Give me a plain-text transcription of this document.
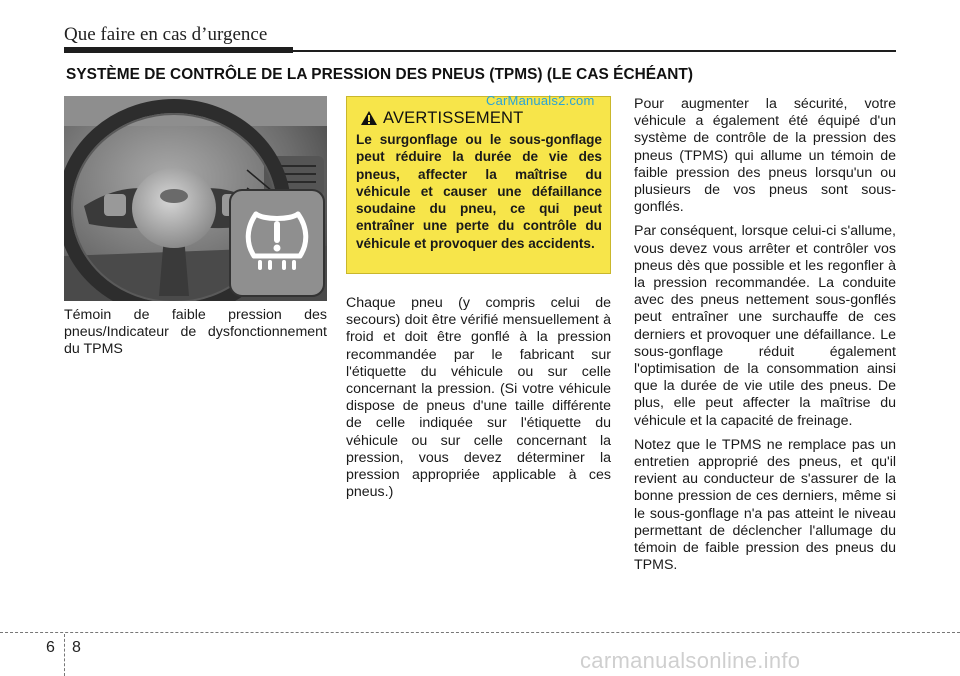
Que faire en cas d’urgence
SYSTÈME DE CONTRÔLE DE LA PRESSION DES PNEUS (TPMS) (LE CAS ÉCHÉANT)
Témoin de faible pression des pneus/Indicateur de dysfonctionnement du TPMS
AVERTISSEMENT
Le surgonflage ou le sous-gonflage peut réduire la durée de vie des pneus, affecter la maîtrise du véhicule et causer une défaillance soudaine du pneu, ce qui peut entraîner une perte du contrôle du véhicule et provoquer des accidents.
CarManuals2.com

Chaque pneu (y compris celui de secours) doit être vérifié mensuellement à froid et doit être gonflé à la pression recommandée par le fabricant sur l'étiquette du véhicule ou sur celle concernant la pression. (Si votre véhicule dispose de pneus d'une taille différente de celle indiquée sur l'étiquette du véhicule ou sur celle concernant la pression, vous devez déterminer la pression appropriée applicable à ces pneus.)

Pour augmenter la sécurité, votre véhicule a également été équipé d'un système de contrôle de la pression des pneus (TPMS) qui allume un témoin de faible pression des pneus lorsqu'un ou plusieurs de vos pneus sont sous-gonflés.

Par conséquent, lorsque celui-ci s'allume, vous devez vous arrêter et contrôler vos pneus dès que possible et les regonfler à la pression recommandée. La conduite avec des pneus nettement sous-gonflés peut entraîner une surchauffe de ces derniers et provoquer une défaillance. Le sous-gonflage réduit également l'optimisation de la consommation ainsi que la durée de vie utile des pneus. De plus, elle peut affecter la maîtrise du véhicule et la capacité de freinage.

Notez que le TPMS ne remplace pas un entretien approprié des pneus, et qu'il revient au conducteur de s'assurer de la bonne pression de ces derniers, même si le sous-gonflage n'a pas atteint le niveau permettant de déclencher l'allumage du témoin de faible pression des pneus du TPMS.

6 8
carmanualsonline.info
